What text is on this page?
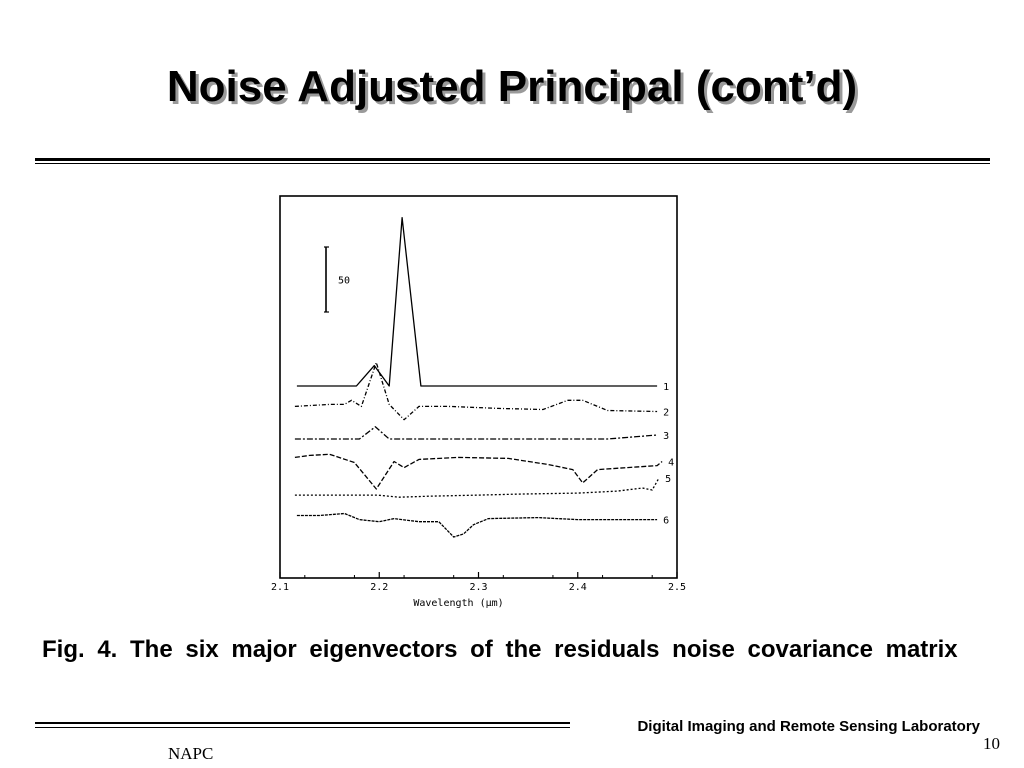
Noise Adjusted Principal (cont’d)
2.1	2.2	2.3	2.4	2.5
Wavelength (μm)
50
1
2
3
4
5
6
Fig. 4. The six major eigenvectors of the residuals noise covariance matrix
Digital Imaging and Remote Sensing Laboratory
10
NAPC
